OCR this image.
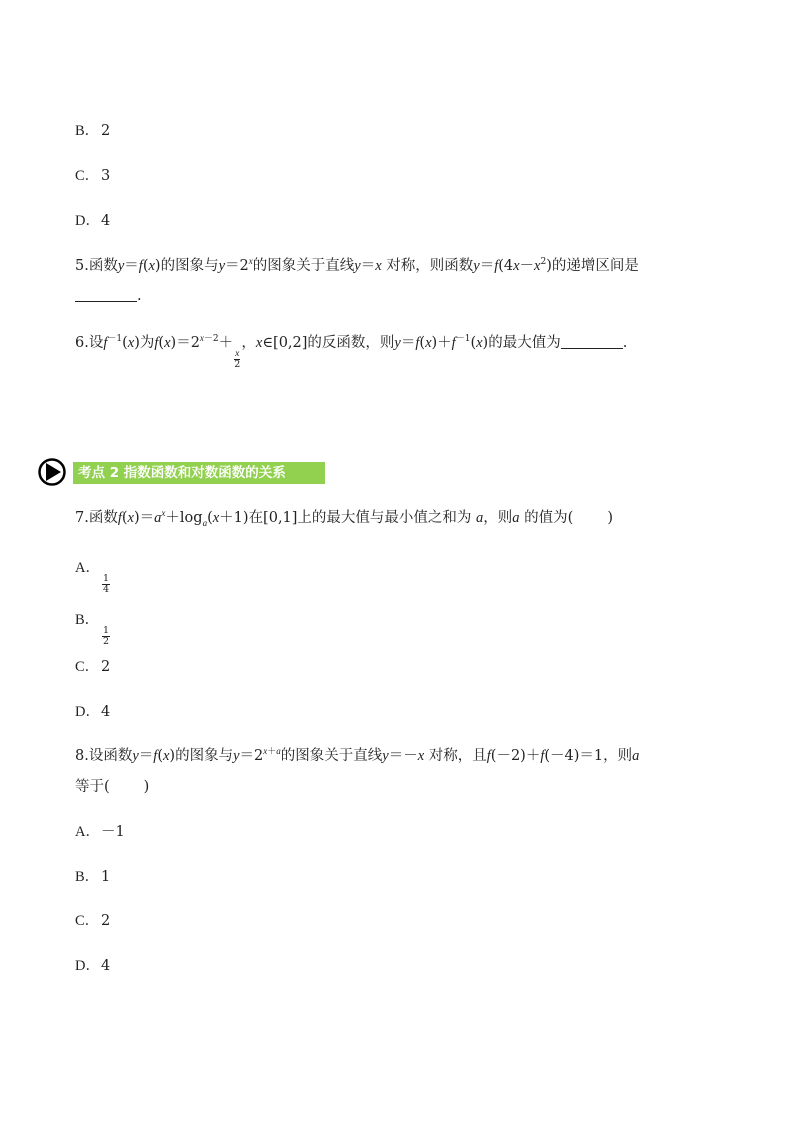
B． 2
C． 3
D．4
5.函数y＝f(x)的图象与$y=2^x$的图象关于直线y＝x 对称，则函数$y=f(4x-x^2)$的递增区间是
.
6.设$f^{-1}(x)$为$f(x)=2^{x-2}+$
$\frac{x}{2}$
，x∈[0,2]的反函数，则$y=f(x)+f^{-1}(x)$的最大值为	.
考点 2 指数函数和对数函数的关系
7.函数$f(x)=a^x+\log_a(x+1)$在[0,1]上的最大值与最小值之和为 a，则a 的值为( )
A．
$\frac{1}{4}$
B．
$\frac{1}{2}$
C． 2
D．4
8.设函数y＝f(x)的图象与$y=2^{x+a}$的图象关于直线y＝－x 对称，且f(－2)＋f(－4)＝1，则a
等于( )
A．－1
B． 1
C． 2
D．4
